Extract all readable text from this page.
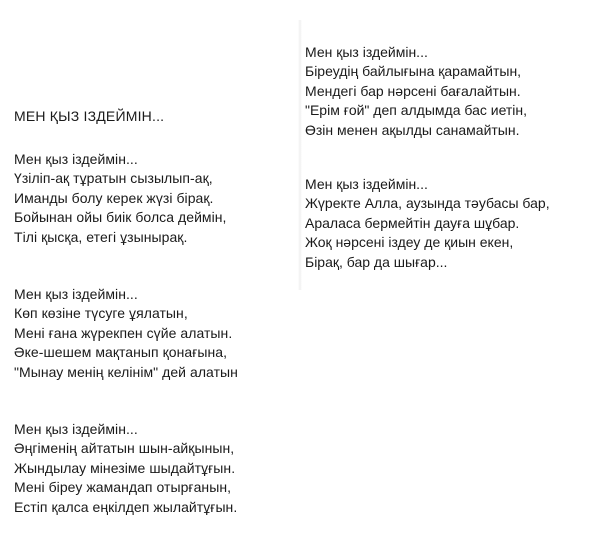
МЕН ҚЫЗ ІЗДЕЙМІН...
Мен қыз іздеймін...
Үзіліп-ақ тұратын сызылып-ақ,
Иманды болу керек жүзі бірақ.
Бойынан ойы биік болса деймін,
Тілі қысқа, етегі ұзынырақ.
Мен қыз іздеймін...
Көп көзіне түсуге ұялатын,
Мені ғана жүрекпен сүйе алатын.
Әке-шешем мақтанып қонағына,
"Мынау менің келінім" дей алатын
Мен қыз іздеймін...
Әңгіменің айтатын шын-айқынын,
Жындылау мінезіме шыдайтұғын.
Мені біреу жамандап отырғанын,
Естіп қалса еңкілдеп жылайтұғын.
Мен қыз іздеймін...
Біреудің байлығына қарамайтын,
Мендегі бар нәрсені бағалайтын.
"Ерім ғой" деп алдымда бас иетін,
Өзін менен ақылды санамайтын.
Мен қыз іздеймін...
Жүректе Алла, аузында тәубасы бар,
Араласа бермейтін дауға шұбар.
Жоқ нәрсені іздеу де қиын екен,
Бірақ, бар да шығар...
